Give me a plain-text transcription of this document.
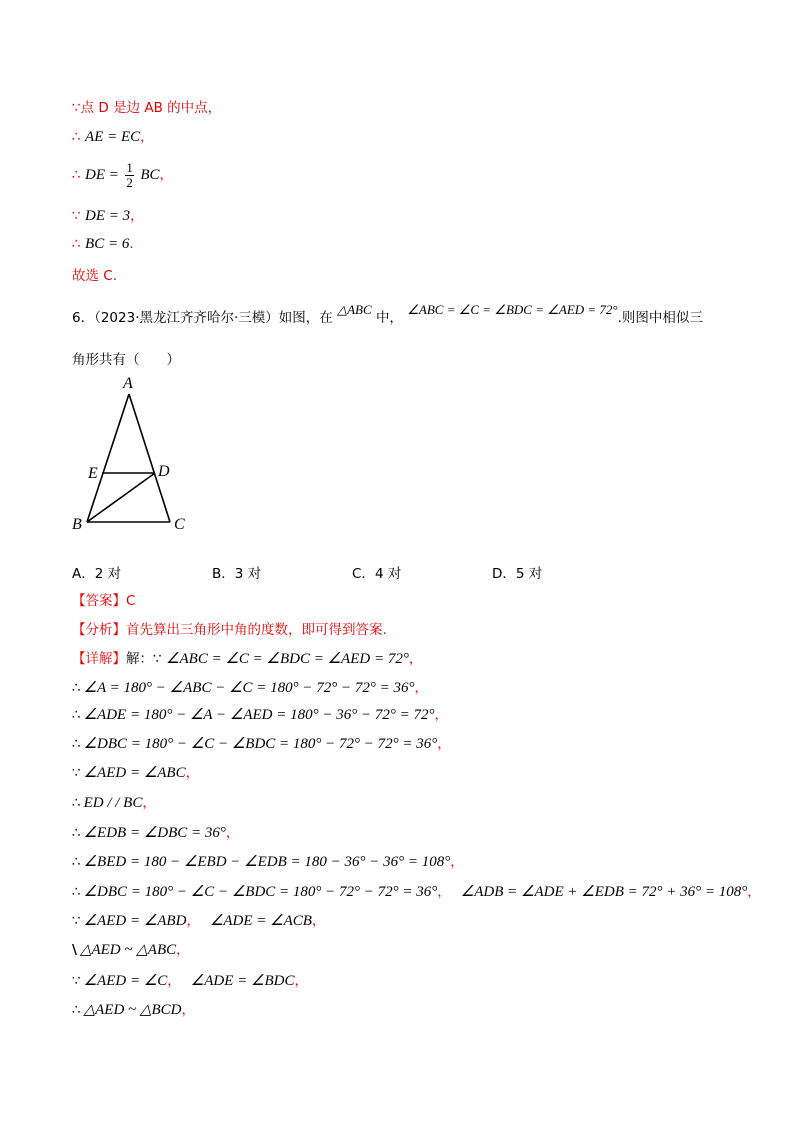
∵点 D 是边 AB 的中点，
∴ AE = EC，
∴ DE = $\frac{1}{2}$ BC，
∵ DE = 3，
∴ BC = 6．
故选 C.
6．（2023·黑龙江齐齐哈尔·三模）如图，在 △ABC 中， ∠ABC = ∠C = ∠BDC = ∠AED = 72°.则图中相似三
角形共有（　　）
A
E	D
B	C
A．2 对	B．3 对	C．4 对	D．5 对
【答案】C
【分析】首先算出三角形中角的度数，即可得到答案.
【详解】解：∵ ∠ABC = ∠C = ∠BDC = ∠AED = 72°，
∴ ∠A = 180° − ∠ABC − ∠C = 180° − 72° − 72° = 36°，
∴ ∠ADE = 180° − ∠A − ∠AED = 180° − 36° − 72° = 72°，
∴ ∠DBC = 180° − ∠C − ∠BDC = 180° − 72° − 72° = 36°，
∵ ∠AED = ∠ABC，
∴ ED / / BC，
∴ ∠EDB = ∠DBC = 36°，
∴ ∠BED = 180 − ∠EBD − ∠EDB = 180 − 36° − 36° = 108°，
∴ ∠DBC = 180° − ∠C − ∠BDC = 180° − 72° − 72° = 36°， ∠ADB = ∠ADE + ∠EDB = 72° + 36° = 108°，
∵ ∠AED = ∠ABD， ∠ADE = ∠ACB，
\ △AED ~ △ABC，
∵ ∠AED = ∠C， ∠ADE = ∠BDC，
∴ △AED ~ △BCD，
